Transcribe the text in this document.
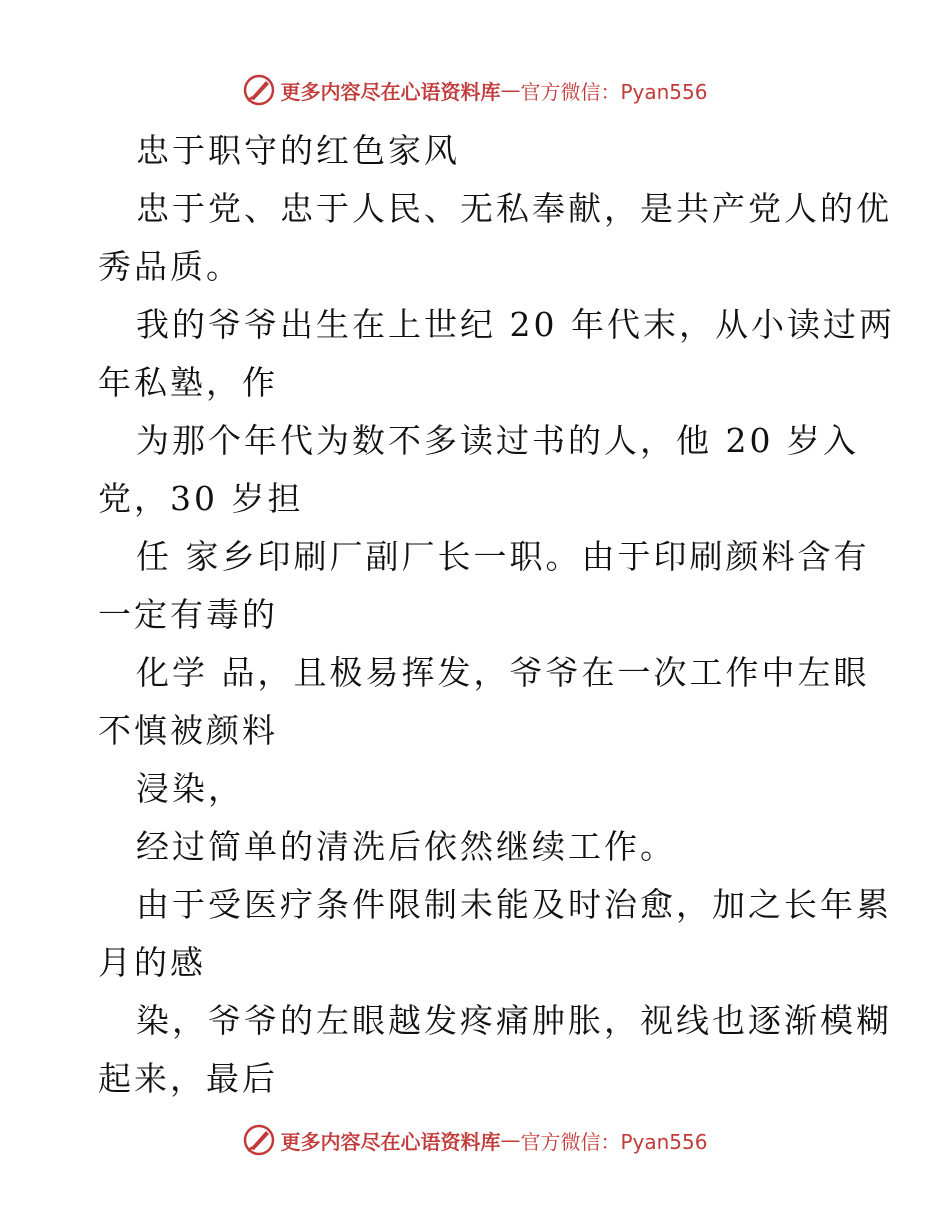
更多内容尽在心语资料库 — 官方微信：Pyan556

忠于职守的红色家风

忠于党、忠于人民、无私奉献，是共产党人的优

秀品质。

我的爷爷出生在上世纪 20 年代末，从小读过两

年私塾，作

为那个年代为数不多读过书的人，他 20 岁入

党，30 岁担

任 家乡印刷厂副厂长一职。由于印刷颜料含有

一定有毒的

化学 品，且极易挥发，爷爷在一次工作中左眼

不慎被颜料

浸染，

经过简单的清洗后依然继续工作。

由于受医疗条件限制未能及时治愈，加之长年累

月的感

染，爷爷的左眼越发疼痛肿胀，视线也逐渐模糊

起来，最后

更多内容尽在心语资料库 — 官方微信：Pyan556
